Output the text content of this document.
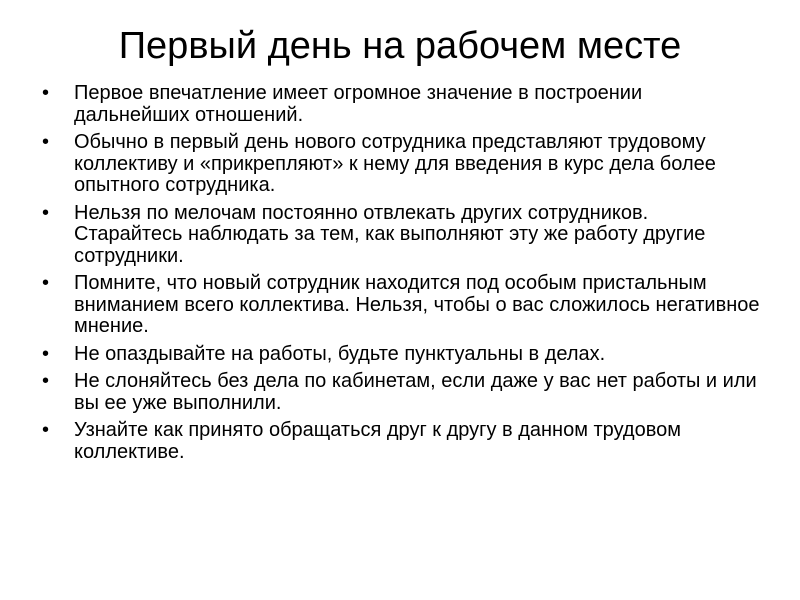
Первый день на рабочем месте
•	Первое впечатление имеет огромное значение в построении дальнейших отношений.
•	Обычно в первый день нового сотрудника представляют трудовому коллективу и «прикрепляют» к нему для введения в курс дела более опытного сотрудника.
•	Нельзя по мелочам постоянно отвлекать других сотрудников. Старайтесь наблюдать за тем, как выполняют эту же работу другие сотрудники.
•	Помните, что новый сотрудник находится под особым пристальным вниманием всего коллектива. Нельзя, чтобы о вас сложилось негативное мнение.
•	Не опаздывайте на работы, будьте пунктуальны в делах.
•	Не слоняйтесь без дела по кабинетам, если даже у вас нет работы и или вы ее уже выполнили.
•	Узнайте как принято обращаться друг к другу в данном трудовом коллективе.
